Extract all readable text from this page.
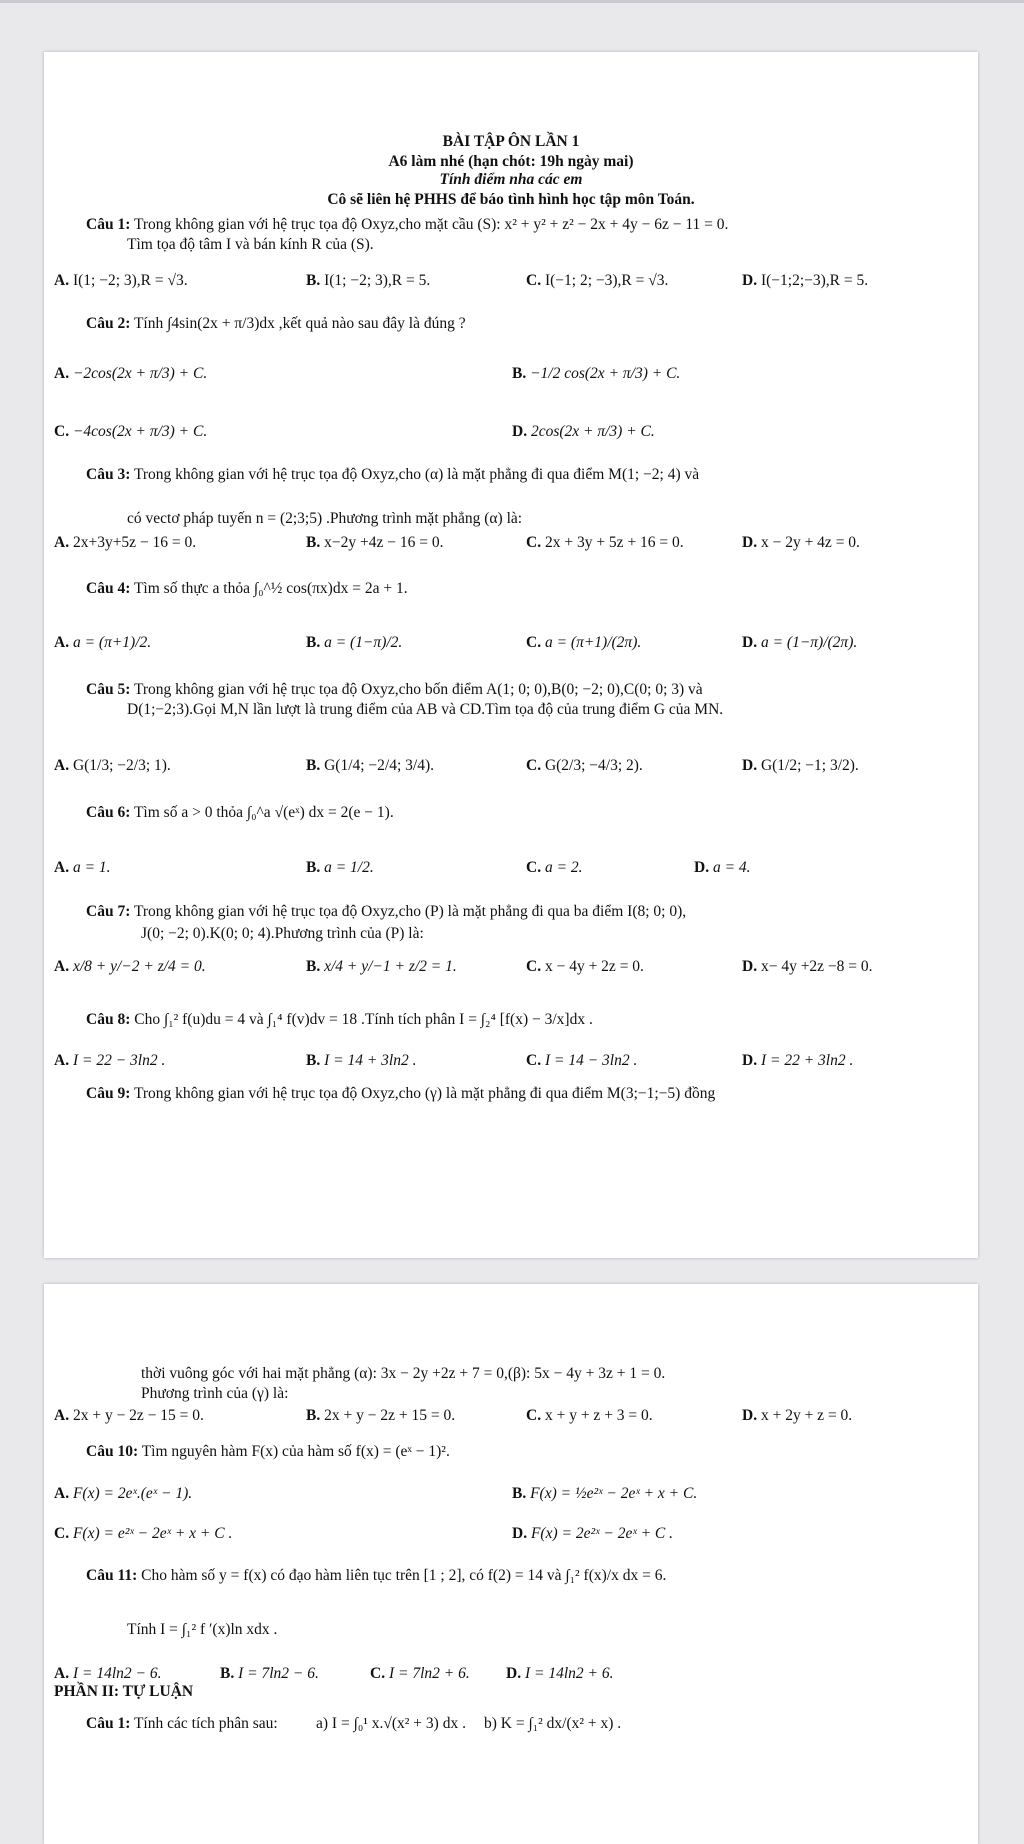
BÀI TẬP ÔN LẦN 1
A6 làm nhé (hạn chót: 19h ngày mai)
Tính điểm nha các em
Cô sẽ liên hệ PHHS để báo tình hình học tập môn Toán.
Câu 1: Trong không gian với hệ trục tọa độ Oxyz,cho mặt cầu (S): x² + y² + z² − 2x + 4y − 6z − 11 = 0.
Tìm tọa độ tâm I và bán kính R của (S).
A. I(1; −2; 3),R = √3.	B. I(1; −2; 3),R = 5.	C. I(−1; 2; −3),R = √3.	D. I(−1;2;−3),R = 5.
Câu 2: Tính ∫4sin(2x + π/3)dx ,kết quả nào sau đây là đúng ?
A. −2cos(2x + π/3) + C.	B. −1/2 cos(2x + π/3) + C.
C. −4cos(2x + π/3) + C.	D. 2cos(2x + π/3) + C.
Câu 3: Trong không gian với hệ trục tọa độ Oxyz,cho (α) là mặt phẳng đi qua điểm M(1; −2; 4) và
có vectơ pháp tuyến n = (2;3;5) .Phương trình mặt phẳng (α) là:
A. 2x+3y+5z − 16 = 0.	B. x−2y +4z − 16 = 0.	C. 2x + 3y + 5z + 16 = 0.	D. x − 2y + 4z = 0.
Câu 4: Tìm số thực a thỏa ∫₀^½ cos(πx)dx = 2a + 1.
A. a = (π+1)/2.	B. a = (1−π)/2.	C. a = (π+1)/(2π).	D. a = (1−π)/(2π).
Câu 5: Trong không gian với hệ trục tọa độ Oxyz,cho bốn điểm A(1; 0; 0),B(0; −2; 0),C(0; 0; 3) và
D(1;−2;3).Gọi M,N lần lượt là trung điểm của AB và CD.Tìm tọa độ của trung điểm G của MN.
A. G(1/3; −2/3; 1).	B. G(1/4; −2/4; 3/4).	C. G(2/3; −4/3; 2).	D. G(1/2; −1; 3/2).
Câu 6: Tìm số a > 0 thỏa ∫₀^a √(eˣ) dx = 2(e − 1).
A. a = 1.	B. a = 1/2.	C. a = 2.	D. a = 4.
Câu 7: Trong không gian với hệ trục tọa độ Oxyz,cho (P) là mặt phẳng đi qua ba điểm I(8; 0; 0),
J(0; −2; 0).K(0; 0; 4).Phương trình của (P) là:
A. x/8 + y/−2 + z/4 = 0.	B. x/4 + y/−1 + z/2 = 1.	C. x − 4y + 2z = 0.	D. x− 4y +2z −8 = 0.
Câu 8: Cho ∫₁² f(u)du = 4 và ∫₁⁴ f(v)dv = 18 .Tính tích phân I = ∫₂⁴ [f(x) − 3/x]dx .
A. I = 22 − 3ln2 .	B. I = 14 + 3ln2 .	C. I = 14 − 3ln2 .	D. I = 22 + 3ln2 .
Câu 9: Trong không gian với hệ trục tọa độ Oxyz,cho (γ) là mặt phẳng đi qua điểm M(3;−1;−5) đồng
thời vuông góc với hai mặt phẳng (α): 3x − 2y +2z + 7 = 0,(β): 5x − 4y + 3z + 1 = 0.
Phương trình của (γ) là:
A. 2x + y − 2z − 15 = 0.	B. 2x + y − 2z + 15 = 0.	C. x + y + z + 3 = 0.	D. x + 2y + z = 0.
Câu 10: Tìm nguyên hàm F(x) của hàm số f(x) = (eˣ − 1)².
A. F(x) = 2eˣ.(eˣ − 1).	B. F(x) = ½e²ˣ − 2eˣ + x + C.
C. F(x) = e²ˣ − 2eˣ + x + C .	D. F(x) = 2e²ˣ − 2eˣ + C .
Câu 11: Cho hàm số y = f(x) có đạo hàm liên tục trên [1 ; 2], có f(2) = 14 và ∫₁² f(x)/x dx = 6.
Tính I = ∫₁² f ′(x)ln xdx .
A. I = 14ln2 − 6.	B. I = 7ln2 − 6.	C. I = 7ln2 + 6. D. I = 14ln2 + 6.
PHẦN II: TỰ LUẬN
Câu 1: Tính các tích phân sau: a) I = ∫₀¹ x.√(x² + 3) dx . b) K = ∫₁² dx/(x² + x) .
